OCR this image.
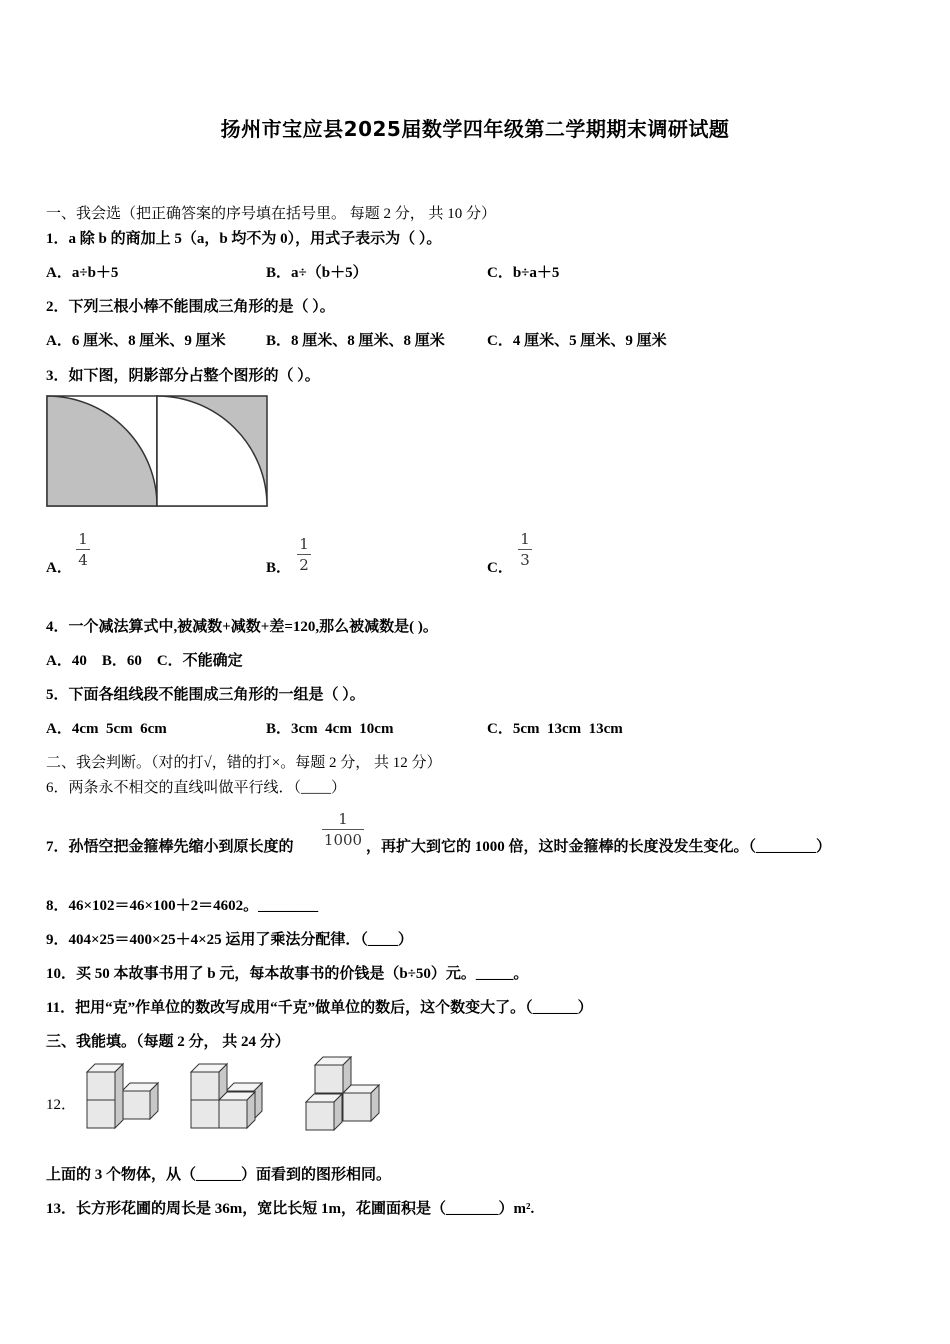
扬州市宝应县2025届数学四年级第二学期期末调研试题
一、我会选（把正确答案的序号填在括号里。 每题 2 分， 共 10 分）
1．a 除 b 的商加上 5（a，b 均不为 0），用式子表示为（ ）。
A．a÷b＋5	B．a÷（b＋5）	C．b÷a＋5
2．下列三根小棒不能围成三角形的是（ ）。
A．6 厘米、8 厘米、9 厘米	B．8 厘米、8 厘米、8 厘米	C．4 厘米、5 厘米、9 厘米
3．如下图，阴影部分占整个图形的（ ）。
A．
1
4	B．
1
2	C．
1
3
4．一个减法算式中,被减数+减数+差=120,那么被减数是( )。
A．40    B．60    C．不能确定
5．下面各组线段不能围成三角形的一组是（ ）。
A．4cm  5cm  6cm	B．3cm  4cm  10cm	C．5cm  13cm  13cm
二、我会判断。（对的打√，错的打×。每题 2 分， 共 12 分）
6．两条永不相交的直线叫做平行线．（____）
7．孙悟空把金箍棒先缩小到原长度的
1
1000 ，再扩大到它的 1000 倍，这时金箍棒的长度没发生变化。（________）
8．46×102＝46×100＋2＝4602。________
9．404×25＝400×25＋4×25 运用了乘法分配律．（____）
10．买 50 本故事书用了 b 元，每本故事书的价钱是（b÷50）元。_____。
11．把用“克”作单位的数改写成用“千克”做单位的数后，这个数变大了。（______）
三、我能填。（每题 2 分， 共 24 分）
12．
上面的 3 个物体，从（______）面看到的图形相同。
13．长方形花圃的周长是 36m，宽比长短 1m，花圃面积是（_______）m².
